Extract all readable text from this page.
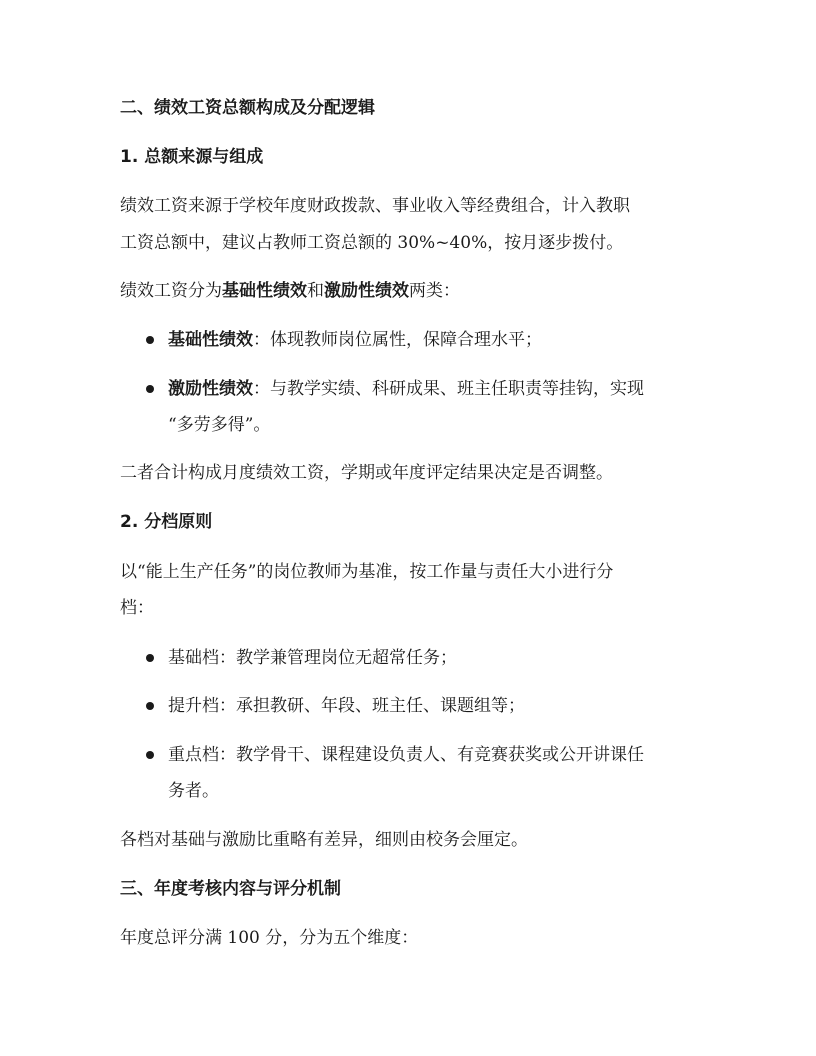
二、绩效工资总额构成及分配逻辑
1. 总额来源与组成
绩效工资来源于学校年度财政拨款、事业收入等经费组合，计入教职
工资总额中，建议占教师工资总额的 30%~40%，按月逐步拨付。
绩效工资分为基础性绩效和激励性绩效两类：
基础性绩效：体现教师岗位属性，保障合理水平；
激励性绩效：与教学实绩、科研成果、班主任职责等挂钩，实现
“多劳多得”。
二者合计构成月度绩效工资，学期或年度评定结果决定是否调整。
2. 分档原则
以“能上生产任务”的岗位教师为基准，按工作量与责任大小进行分
档：
基础档：教学兼管理岗位无超常任务；
提升档：承担教研、年段、班主任、课题组等；
重点档：教学骨干、课程建设负责人、有竞赛获奖或公开讲课任
务者。
各档对基础与激励比重略有差异，细则由校务会厘定。
三、年度考核内容与评分机制
年度总评分满 100 分，分为五个维度：
